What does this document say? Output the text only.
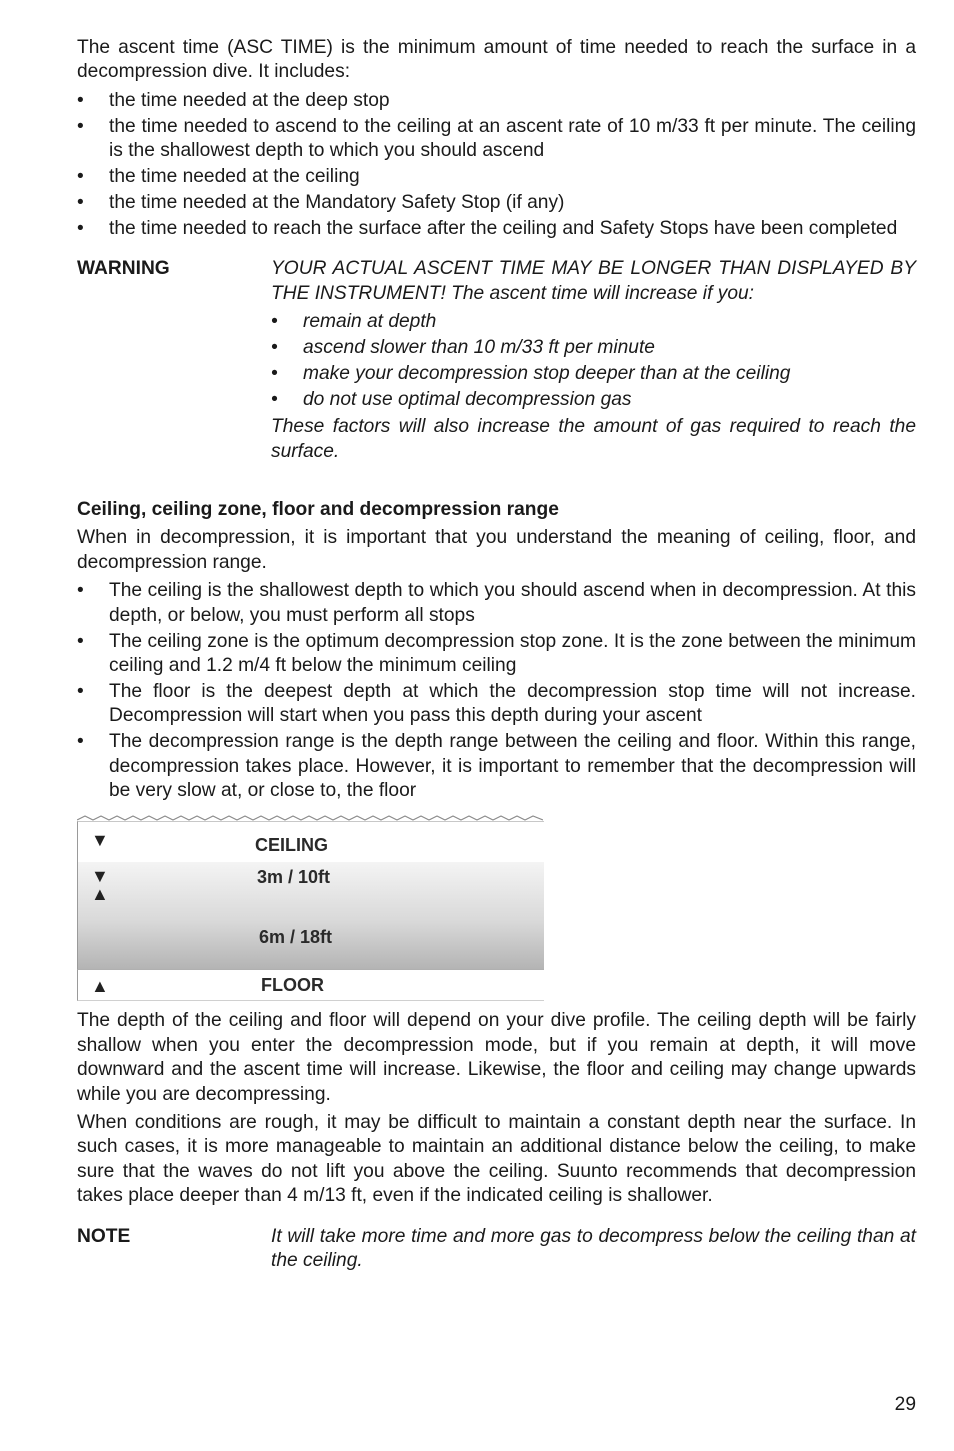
The ascent time (ASC TIME) is the minimum amount of time needed to reach the surface in a decompression dive. It includes:

• the time needed at the deep stop
• the time needed to ascend to the ceiling at an ascent rate of 10 m/33 ft per minute. The ceiling is the shallowest depth to which you should ascend
• the time needed at the ceiling
• the time needed at the Mandatory Safety Stop (if any)
• the time needed to reach the surface after the ceiling and Safety Stops have been completed
WARNING	YOUR ACTUAL ASCENT TIME MAY BE LONGER THAN DISPLAYED BY THE INSTRUMENT! The ascent time will increase if you:

• remain at depth
• ascend slower than 10 m/33 ft per minute
• make your decompression stop deeper than at the ceiling
• do not use optimal decompression gas

These factors will also increase the amount of gas required to reach the surface.

Ceiling, ceiling zone, floor and decompression range

When in decompression, it is important that you understand the meaning of ceiling, floor, and decompression range.

• The ceiling is the shallowest depth to which you should ascend when in decompression. At this depth, or below, you must perform all stops
• The ceiling zone is the optimum decompression stop zone. It is the zone between the minimum ceiling and 1.2 m/4 ft below the minimum ceiling
• The floor is the deepest depth at which the decompression stop time will not increase. Decompression will start when you pass this depth during your ascent
• The decompression range is the depth range between the ceiling and floor. Within this range, decompression takes place. However, it is important to remember that the decompression will be very slow at, or close to, the floor
▼	CEILING
▼
▲
3m / 10ft
6m / 18ft
▲	FLOOR

The depth of the ceiling and floor will depend on your dive profile. The ceiling depth will be fairly shallow when you enter the decompression mode, but if you remain at depth, it will move downward and the ascent time will increase. Likewise, the floor and ceiling may change upwards while you are decompressing.

When conditions are rough, it may be difficult to maintain a constant depth near the surface. In such cases, it is more manageable to maintain an additional distance below the ceiling, to make sure that the waves do not lift you above the ceiling. Suunto recommends that decompression takes place deeper than 4 m/13 ft, even if the indicated ceiling is shallower.

NOTE	It will take more time and more gas to decompress below the ceiling than at the ceiling.

29
